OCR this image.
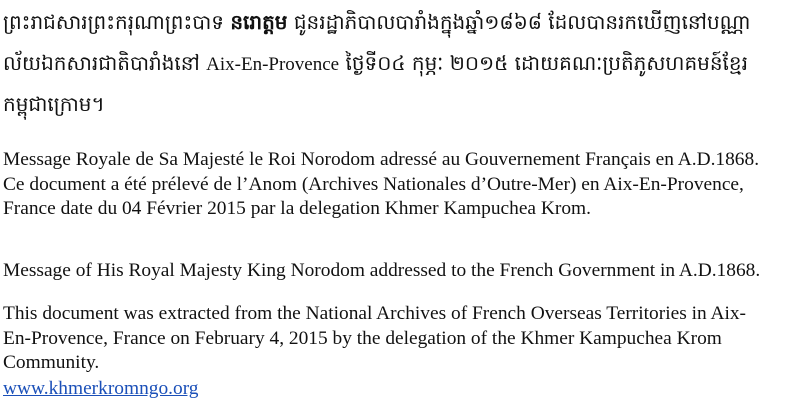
ព្រះរាជសារព្រះករុណាព្រះបាទ នរោត្តម ជូនរដ្ឋាភិបាលបារាំងក្នុងឆ្នាំ១៨៦៨ ដែលបានរកឃើញនៅបណ្ណា
ល័យឯកសារជាតិបារាំងនៅ Aix-En-Provence ថ្ងៃទី០៤ កុម្ភៈ ២០១៥ ដោយគណៈប្រតិភូសហគមន៍ខ្មែរ
កម្ពុជាក្រោម។
Message Royale de Sa Majesté le Roi Norodom adressé au Gouvernement Français en A.D.1868.
Ce document a été prélevé de l’Anom (Archives Nationales d’Outre-Mer) en Aix-En-Provence,
France date du 04 Février 2015 par la delegation Khmer Kampuchea Krom.
Message of His Royal Majesty King Norodom addressed to the French Government in A.D.1868.
This document was extracted from the National Archives of French Overseas Territories in Aix-
En-Provence, France on February 4, 2015 by the delegation of the Khmer Kampuchea Krom
Community.
www.khmerkromngo.org
